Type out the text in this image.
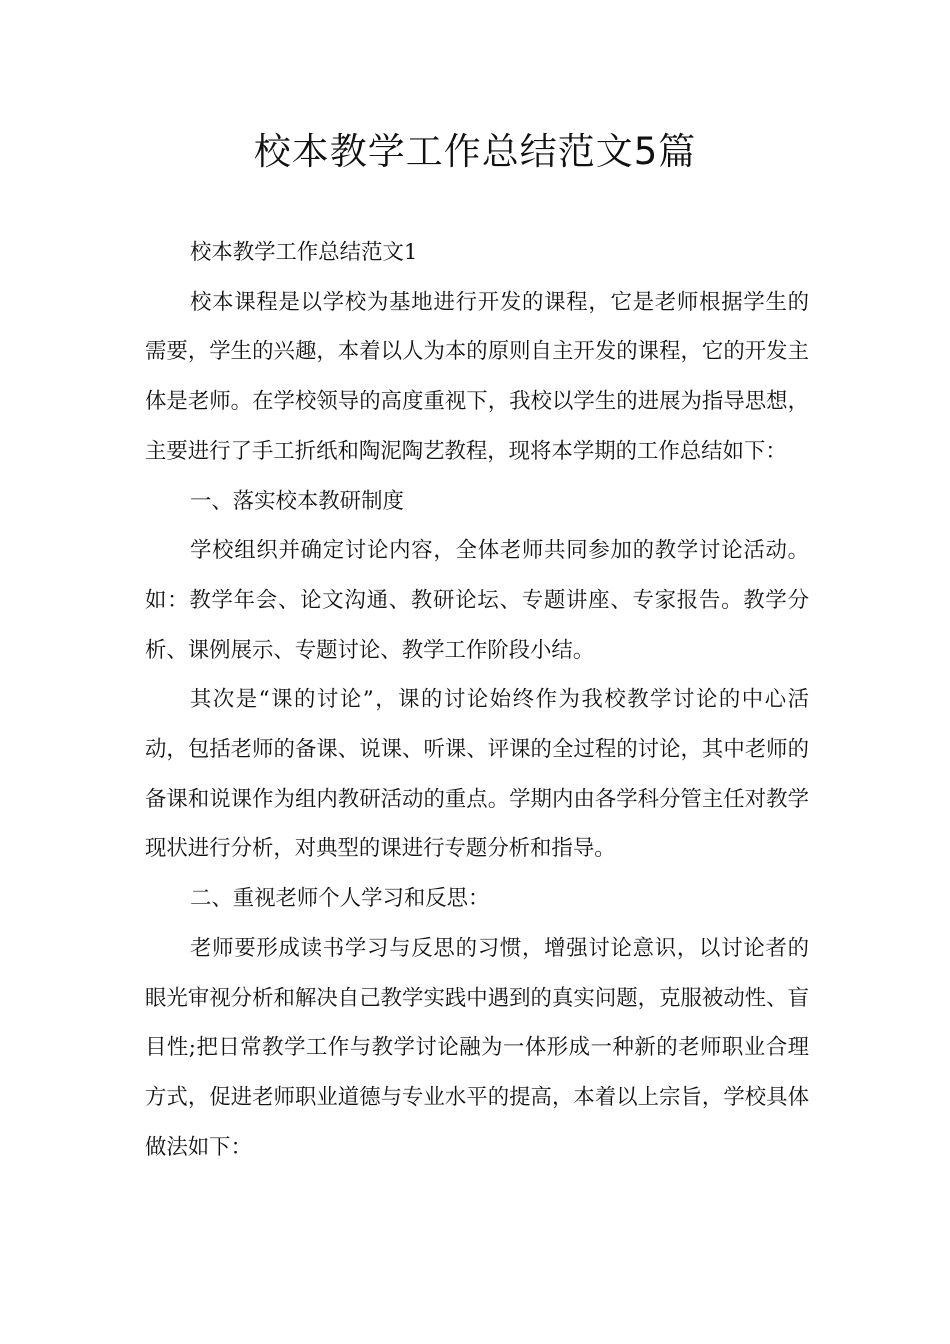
校本教学工作总结范文5篇

校本教学工作总结范文1

校本课程是以学校为基地进行开发的课程，它是老师根据学生的需要，学生的兴趣，本着以人为本的原则自主开发的课程，它的开发主体是老师。在学校领导的高度重视下，我校以学生的进展为指导思想，主要进行了手工折纸和陶泥陶艺教程，现将本学期的工作总结如下：

一、落实校本教研制度

学校组织并确定讨论内容，全体老师共同参加的教学讨论活动。如：教学年会、论文沟通、教研论坛、专题讲座、专家报告。教学分析、课例展示、专题讨论、教学工作阶段小结。

其次是“课的讨论”，课的讨论始终作为我校教学讨论的中心活动，包括老师的备课、说课、听课、评课的全过程的讨论，其中老师的备课和说课作为组内教研活动的重点。学期内由各学科分管主任对教学现状进行分析，对典型的课进行专题分析和指导。

二、重视老师个人学习和反思：

老师要形成读书学习与反思的习惯，增强讨论意识，以讨论者的眼光审视分析和解决自己教学实践中遇到的真实问题，克服被动性、盲目性;把日常教学工作与教学讨论融为一体形成一种新的老师职业合理方式，促进老师职业道德与专业水平的提高，本着以上宗旨，学校具体做法如下：
